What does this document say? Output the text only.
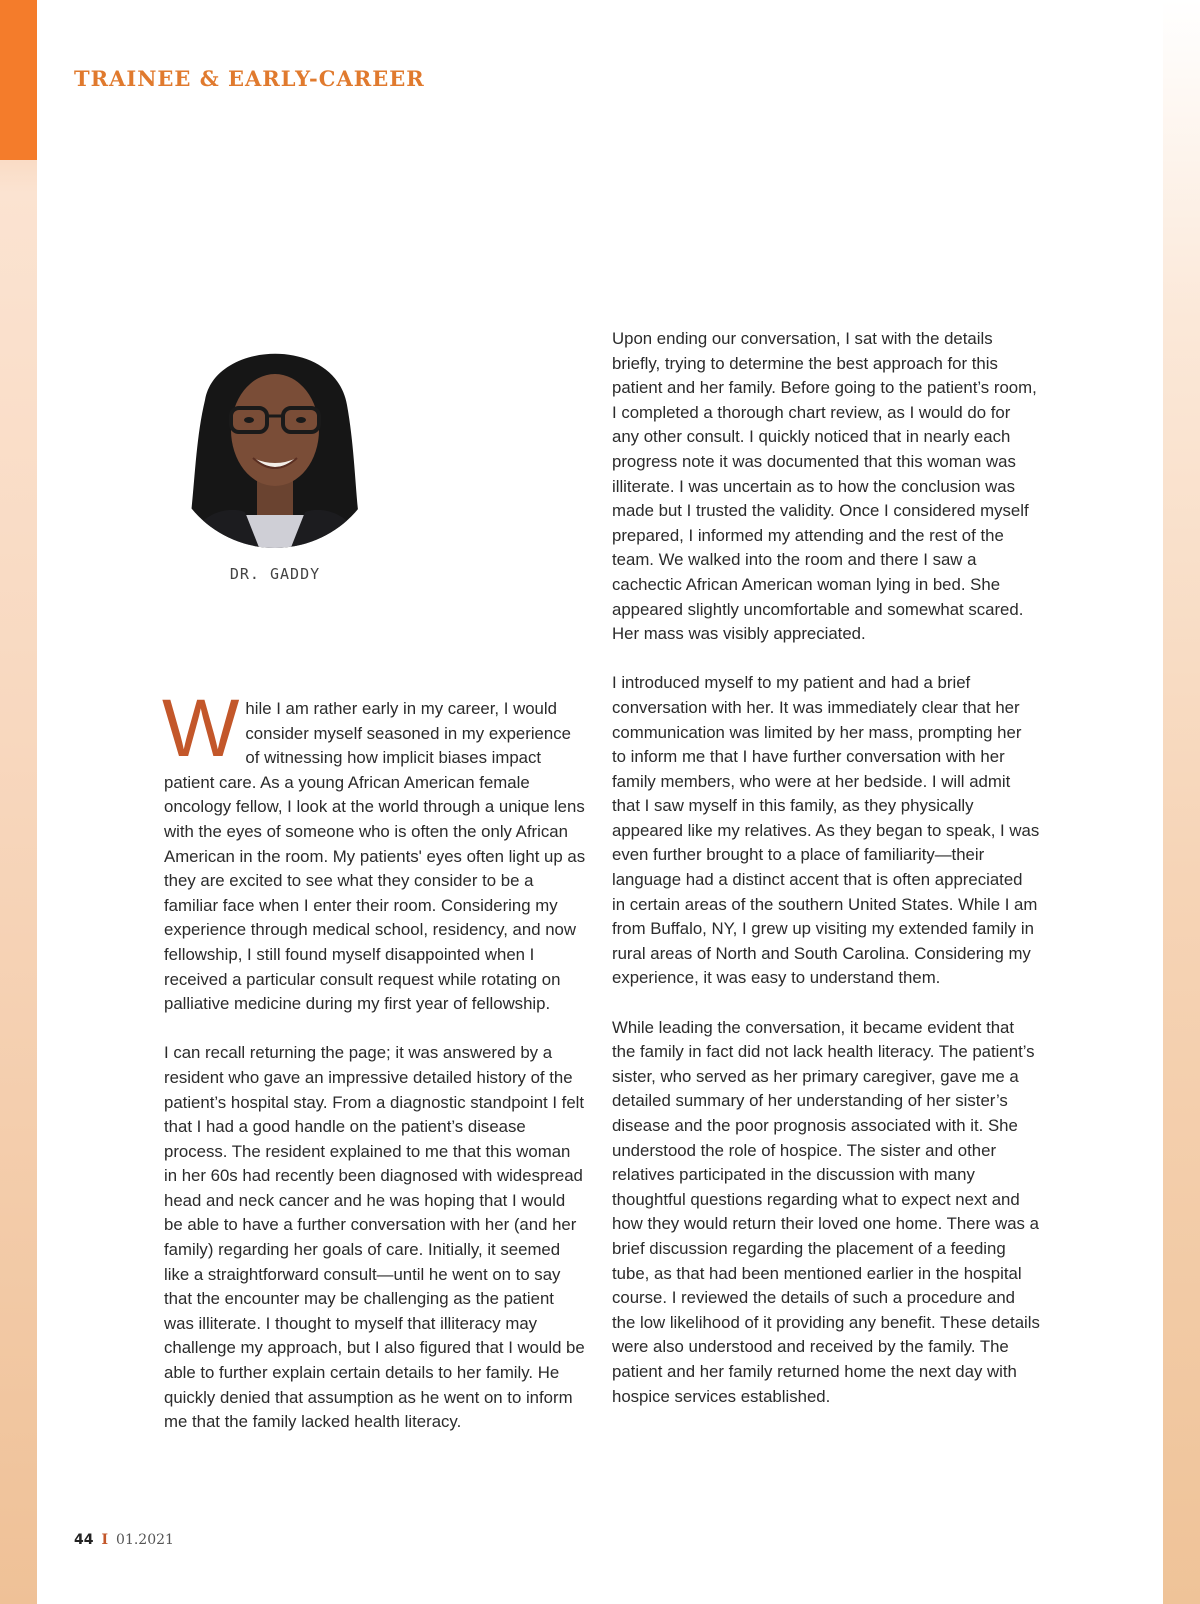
TRAINEE & EARLY-CAREER
DR. GADDY

While I am rather early in my career, I would consider myself seasoned in my experience of witnessing how implicit biases impact patient care. As a young African American female oncology fellow, I look at the world through a unique lens with the eyes of someone who is often the only African American in the room. My patients' eyes often light up as they are excited to see what they consider to be a familiar face when I enter their room. Considering my experience through medical school, residency, and now fellowship, I still found myself disappointed when I received a particular consult request while rotating on palliative medicine during my first year of fellowship.

I can recall returning the page; it was answered by a resident who gave an impressive detailed history of the patient’s hospital stay. From a diagnostic standpoint I felt that I had a good handle on the patient’s disease process. The resident explained to me that this woman in her 60s had recently been diagnosed with widespread head and neck cancer and he was hoping that I would be able to have a further conversation with her (and her family) regarding her goals of care. Initially, it seemed like a straightforward consult—until he went on to say that the encounter may be challenging as the patient was illiterate. I thought to myself that illiteracy may challenge my approach, but I also figured that I would be able to further explain certain details to her family. He quickly denied that assumption as he went on to inform me that the family lacked health literacy.

Upon ending our conversation, I sat with the details briefly, trying to determine the best approach for this patient and her family. Before going to the patient’s room, I completed a thorough chart review, as I would do for any other consult. I quickly noticed that in nearly each progress note it was documented that this woman was illiterate. I was uncertain as to how the conclusion was made but I trusted the validity. Once I considered myself prepared, I informed my attending and the rest of the team. We walked into the room and there I saw a cachectic African American woman lying in bed. She appeared slightly uncomfortable and somewhat scared. Her mass was visibly appreciated.

I introduced myself to my patient and had a brief conversation with her. It was immediately clear that her communication was limited by her mass, prompting her to inform me that I have further conversation with her family members, who were at her bedside. I will admit that I saw myself in this family, as they physically appeared like my relatives. As they began to speak, I was even further brought to a place of familiarity—their language had a distinct accent that is often appreciated in certain areas of the southern United States. While I am from Buffalo, NY, I grew up visiting my extended family in rural areas of North and South Carolina. Considering my experience, it was easy to understand them.

While leading the conversation, it became evident that the family in fact did not lack health literacy. The patient’s sister, who served as her primary caregiver, gave me a detailed summary of her understanding of her sister’s disease and the poor prognosis associated with it. She understood the role of hospice. The sister and other relatives participated in the discussion with many thoughtful questions regarding what to expect next and how they would return their loved one home. There was a brief discussion regarding the placement of a feeding tube, as that had been mentioned earlier in the hospital course. I reviewed the details of such a procedure and the low likelihood of it providing any benefit. These details were also understood and received by the family. The patient and her family returned home the next day with hospice services established.

44 I 01.2021
